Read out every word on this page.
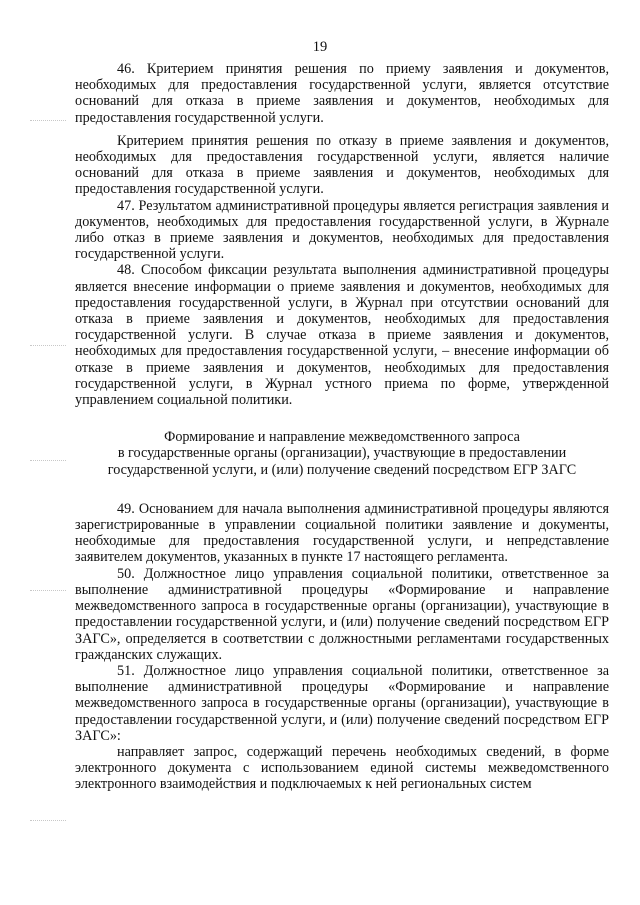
19

46. Критерием принятия решения по приему заявления и документов, необходимых для предоставления государственной услуги, является отсутствие оснований для отказа в приеме заявления и документов, необходимых для предоставления государственной услуги.

Критерием принятия решения по отказу в приеме заявления и документов, необходимых для предоставления государственной услуги, является наличие оснований для отказа в приеме заявления и документов, необходимых для предоставления государственной услуги.

47. Результатом административной процедуры является регистрация заявления и документов, необходимых для предоставления государственной услуги, в Журнале либо отказ в приеме заявления и документов, необходимых для предоставления государственной услуги.

48. Способом фиксации результата выполнения административной процедуры является внесение информации о приеме заявления и документов, необходимых для предоставления государственной услуги, в Журнал при отсутствии оснований для отказа в приеме заявления и документов, необходимых для предоставления государственной услуги. В случае отказа в приеме заявления и документов, необходимых для предоставления государственной услуги, – внесение информации об отказе в приеме заявления и документов, необходимых для предоставления государственной услуги, в Журнал устного приема по форме, утвержденной управлением социальной политики.

Формирование и направление межведомственного запроса
в государственные органы (организации), участвующие в предоставлении
государственной услуги, и (или) получение сведений посредством ЕГР ЗАГС

49. Основанием для начала выполнения административной процедуры являются зарегистрированные в управлении социальной политики заявление и документы, необходимые для предоставления государственной услуги, и непредставление заявителем документов, указанных в пункте 17 настоящего регламента.

50. Должностное лицо управления социальной политики, ответственное за выполнение административной процедуры «Формирование и направление межведомственного запроса в государственные органы (организации), участвующие в предоставлении государственной услуги, и (или) получение сведений посредством ЕГР ЗАГС», определяется в соответствии с должностными регламентами государственных гражданских служащих.

51. Должностное лицо управления социальной политики, ответственное за выполнение административной процедуры «Формирование и направление межведомственного запроса в государственные органы (организации), участвующие в предоставлении государственной услуги, и (или) получение сведений посредством ЕГР ЗАГС»:

направляет запрос, содержащий перечень необходимых сведений, в форме электронного документа с использованием единой системы межведомственного электронного взаимодействия и подключаемых к ней региональных систем
